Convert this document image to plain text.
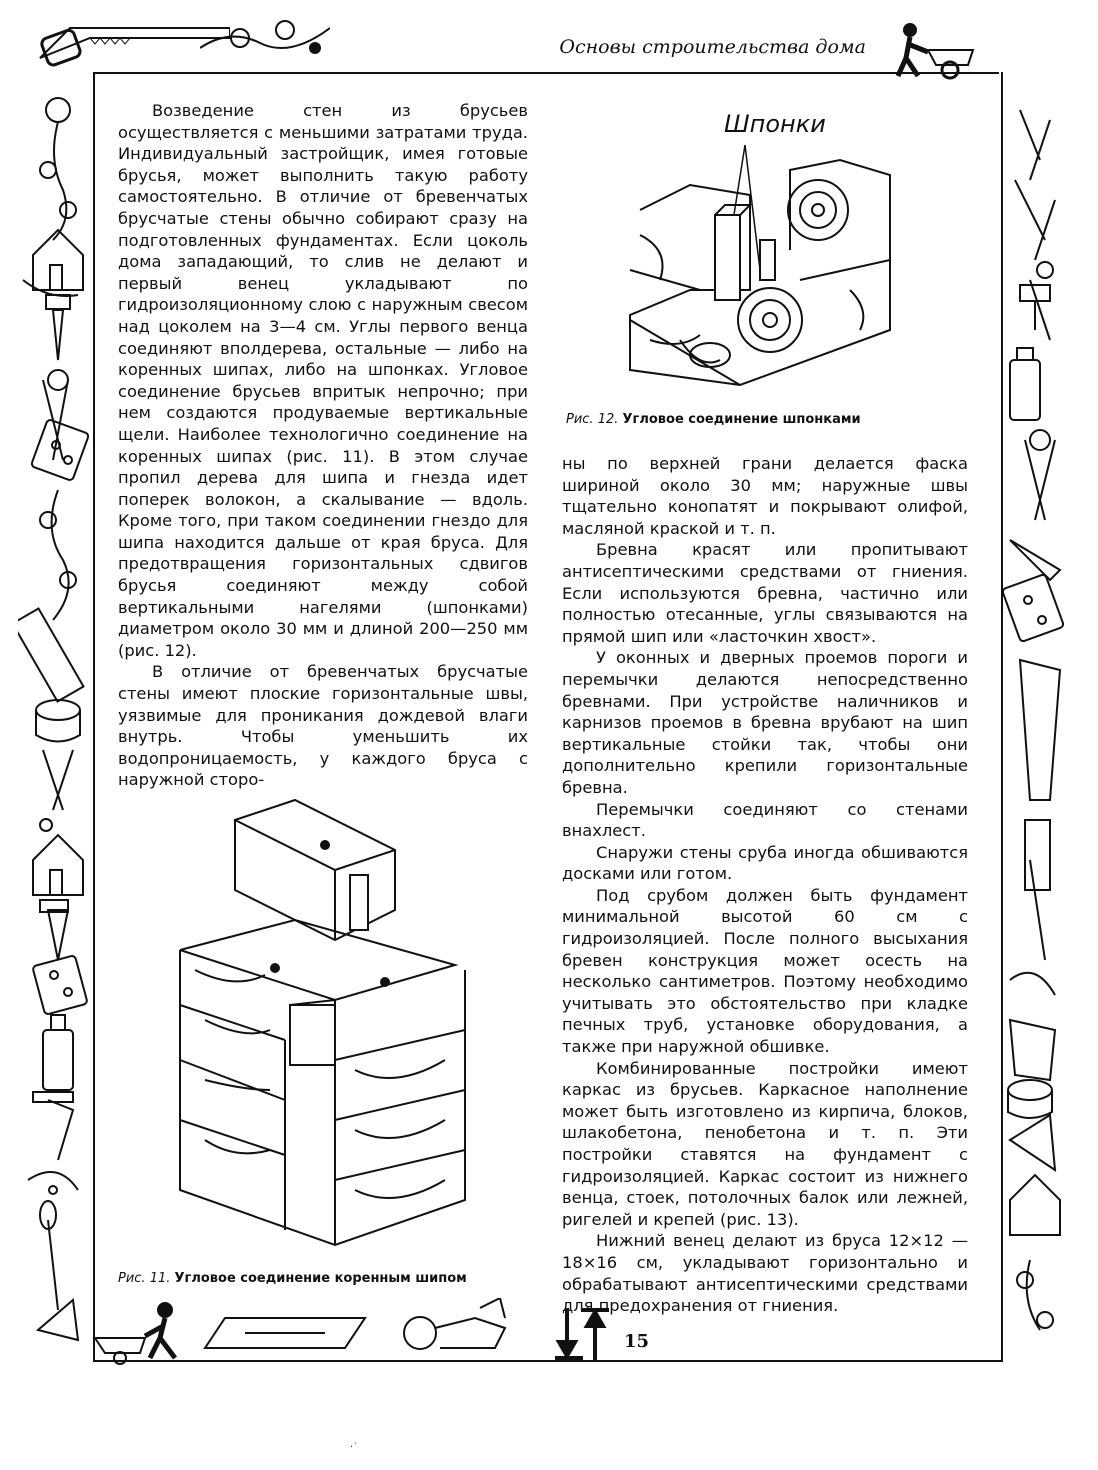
Основы строительства дома
15

Возведение стен из брусьев осуществляется с меньшими затратами труда. Индивидуальный застройщик, имея готовые брусья, может выполнить такую работу самостоятельно. В отличие от бревенчатых брусчатые стены обычно собирают сразу на подготовленных фундаментах. Если цоколь дома западающий, то слив не делают и первый венец укладывают по гидроизоляционному слою с наружным свесом над цоколем на 3—4 см. Углы первого венца соединяют вполдерева, остальные — либо на коренных шипах, либо на шпонках. Угловое соединение брусьев впритык непрочно; при нем создаются продуваемые вертикальные щели. Наиболее технологично соединение на коренных шипах (рис. 11). В этом случае пропил дерева для шипа и гнезда идет поперек волокон, а скалывание — вдоль. Кроме того, при таком соединении гнездо для шипа находится дальше от края бруса. Для предотвращения горизонтальных сдвигов брусья соединяют между собой вертикальными нагелями (шпонками) диаметром около 30 мм и длиной 200—250 мм (рис. 12).

В отличие от бревенчатых брусчатые стены имеют плоские горизонтальные швы, уязвимые для проникания дождевой влаги внутрь. Чтобы уменьшить их водопроницаемость, у каждого бруса с наружной сторо-

ны по верхней грани делается фаска шириной около 30 мм; наружные швы тщательно конопатят и покрывают олифой, масляной краской и т. п.

Бревна красят или пропитывают антисептическими средствами от гниения. Если используются бревна, частично или полностью отесанные, углы связываются на прямой шип или «ласточкин хвост».

У оконных и дверных проемов пороги и перемычки делаются непосредственно бревнами. При устройстве наличников и карнизов проемов в бревна врубают на шип вертикальные стойки так, чтобы они дополнительно крепили горизонтальные бревна.

Перемычки соединяют со стенами внахлест.

Снаружи стены сруба иногда обшиваются досками или готом.

Под срубом должен быть фундамент минимальной высотой 60 см с гидроизоляцией. После полного высыхания бревен конструкция может осесть на несколько сантиметров. Поэтому необходимо учитывать это обстоятельство при кладке печных труб, установке оборудования, а также при наружной обшивке.

Комбинированные постройки имеют каркас из брусьев. Каркасное наполнение может быть изготовлено из кирпича, блоков, шлакобетона, пенобетона и т. п. Эти постройки ставятся на фундамент с гидроизоляцией. Каркас состоит из нижнего венца, стоек, потолочных балок или лежней, ригелей и крепей (рис. 13).

Нижний венец делают из бруса 12×12 — 18×16 см, укладывают горизонтально и обрабатывают антисептическими средствами для предохранения от гниения.

Шпонки
Рис. 12. Угловое соединение шпонками
Рис. 11. Угловое соединение коренным шипом
·˙
